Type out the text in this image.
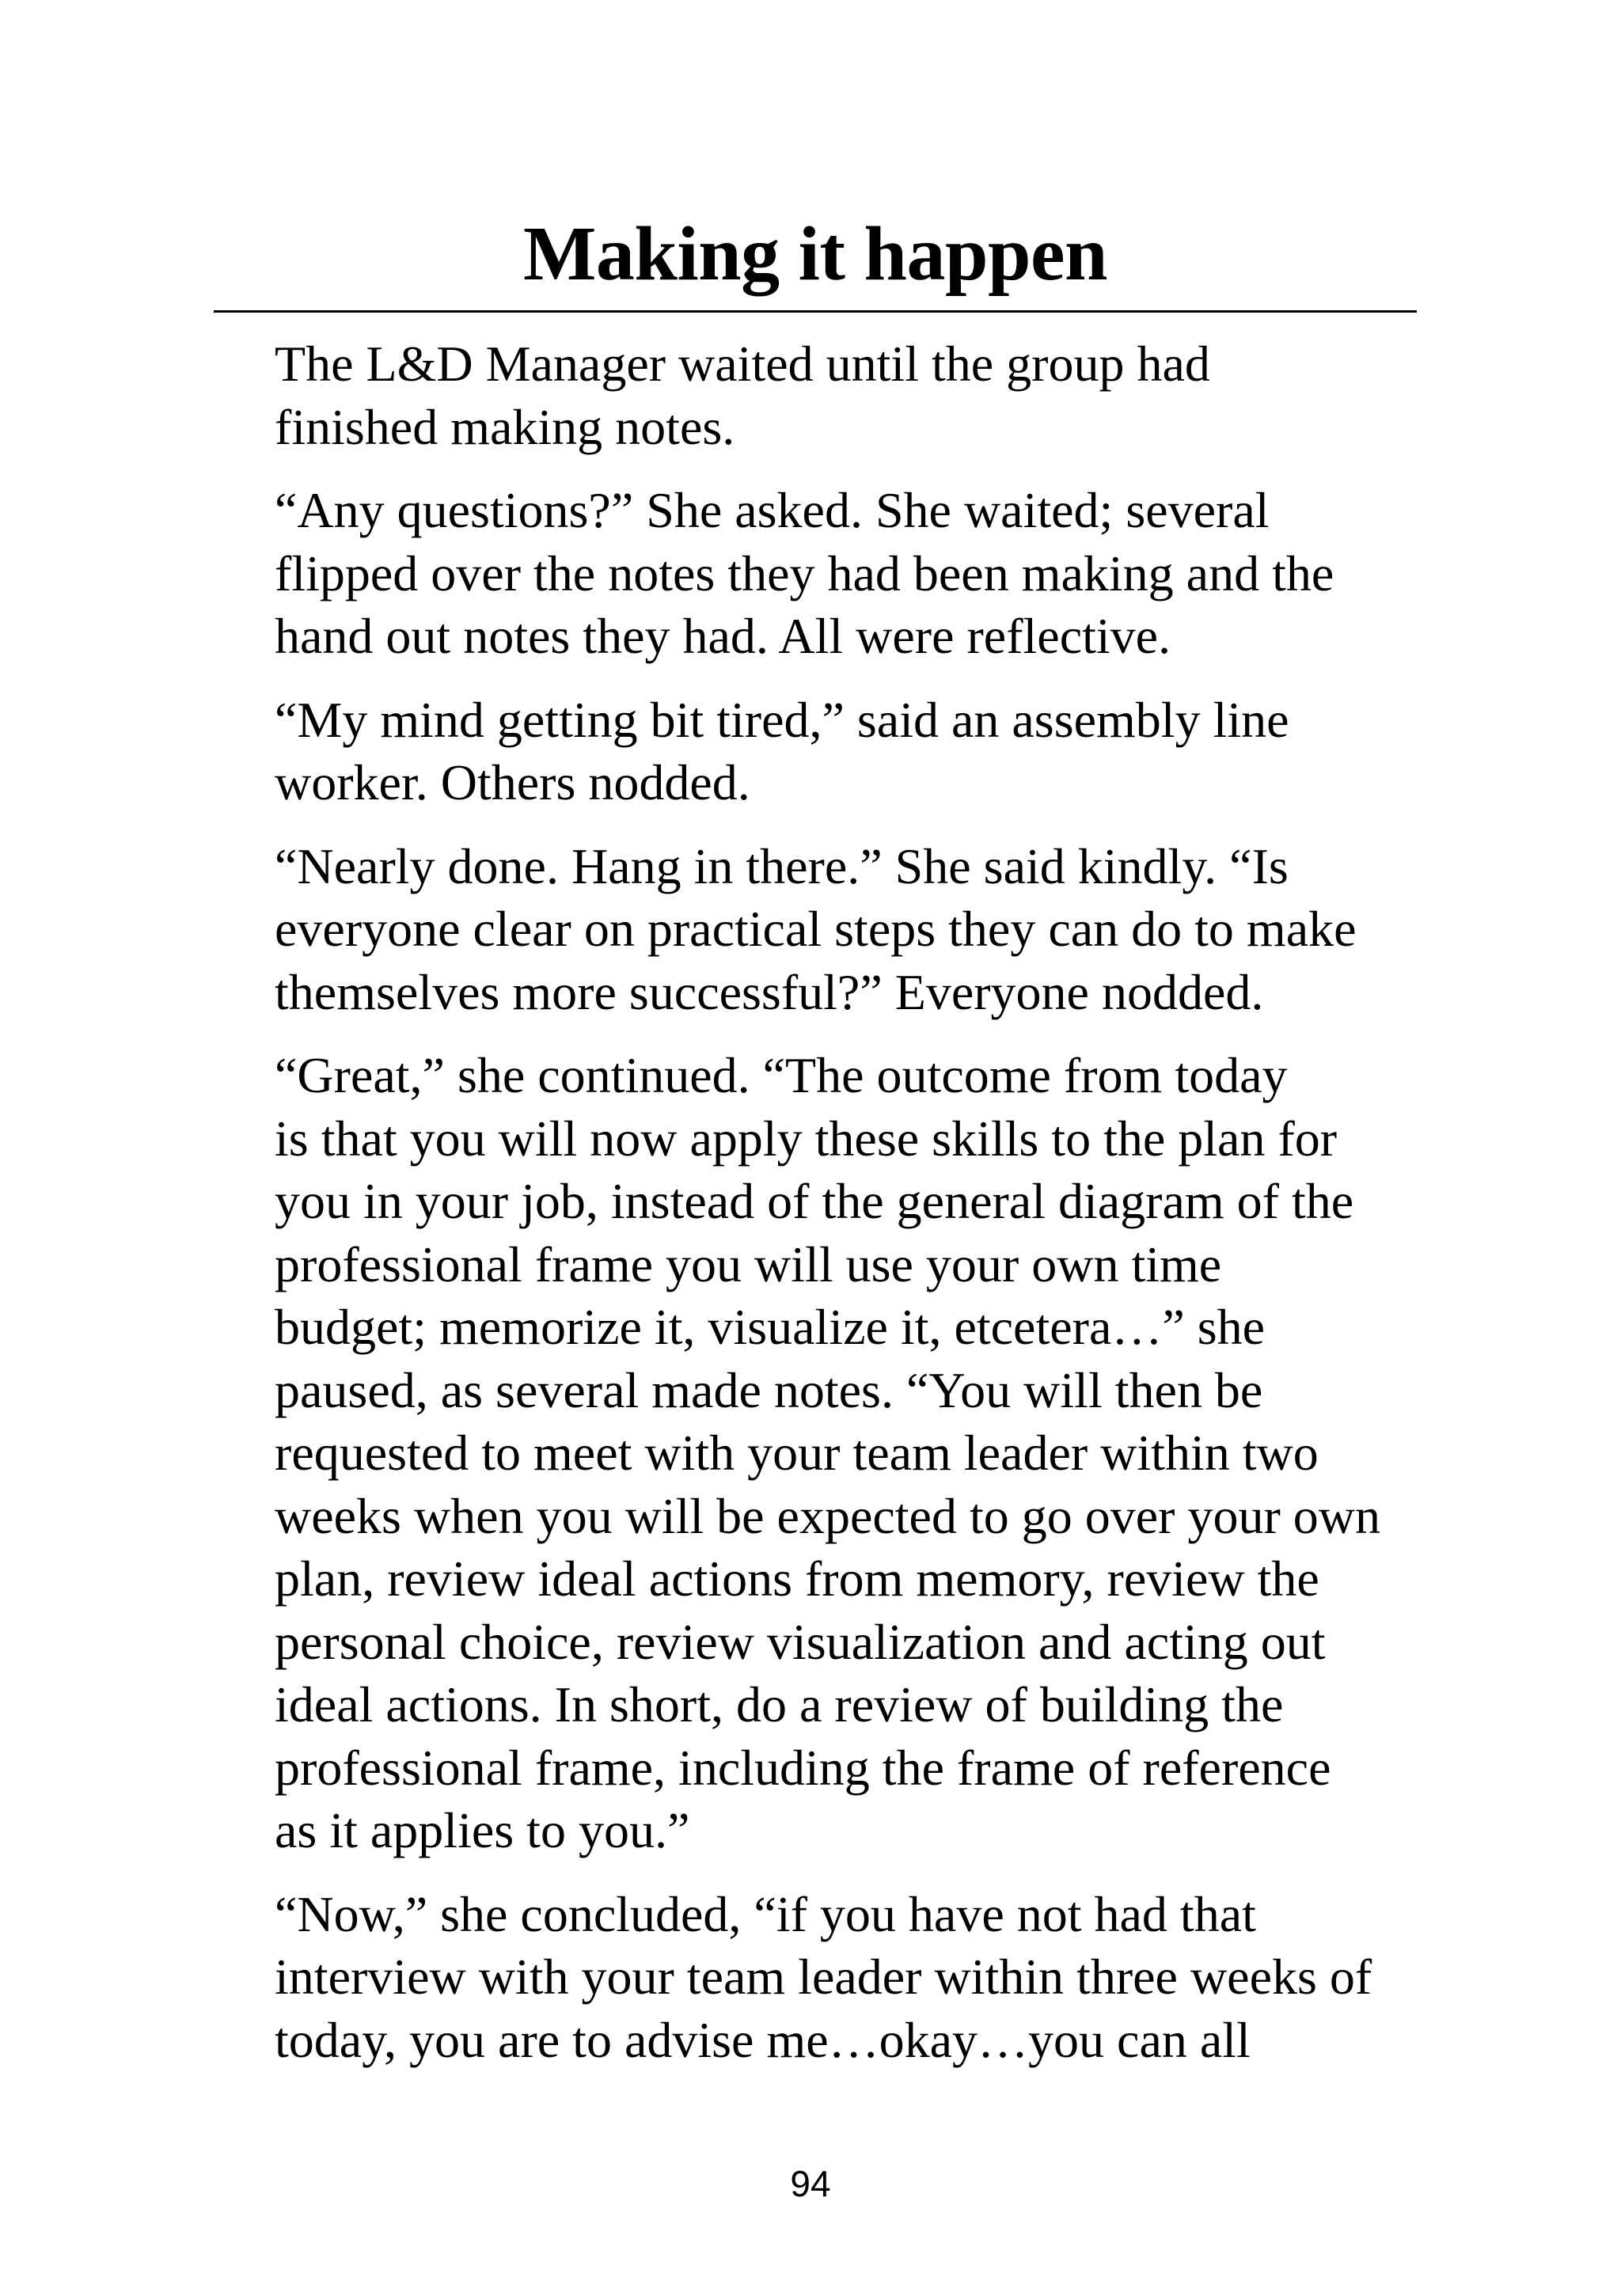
Making it happen

The L&D Manager waited until the group had
finished making notes.

“Any questions?” She asked. She waited; several
flipped over the notes they had been making and the
hand out notes they had. All were reflective.

“My mind getting bit tired,” said an assembly line
worker. Others nodded.

“Nearly done. Hang in there.” She said kindly. “Is
everyone clear on practical steps they can do to make
themselves more successful?” Everyone nodded.

“Great,” she continued. “The outcome from today
is that you will now apply these skills to the plan for
you in your job, instead of the general diagram of the
professional frame you will use your own time
budget; memorize it, visualize it, etcetera…” she
paused, as several made notes. “You will then be
requested to meet with your team leader within two
weeks when you will be expected to go over your own
plan, review ideal actions from memory, review the
personal choice, review visualization and acting out
ideal actions. In short, do a review of building the
professional frame, including the frame of reference
as it applies to you.”

“Now,” she concluded, “if you have not had that
interview with your team leader within three weeks of
today, you are to advise me…okay…you can all

94
